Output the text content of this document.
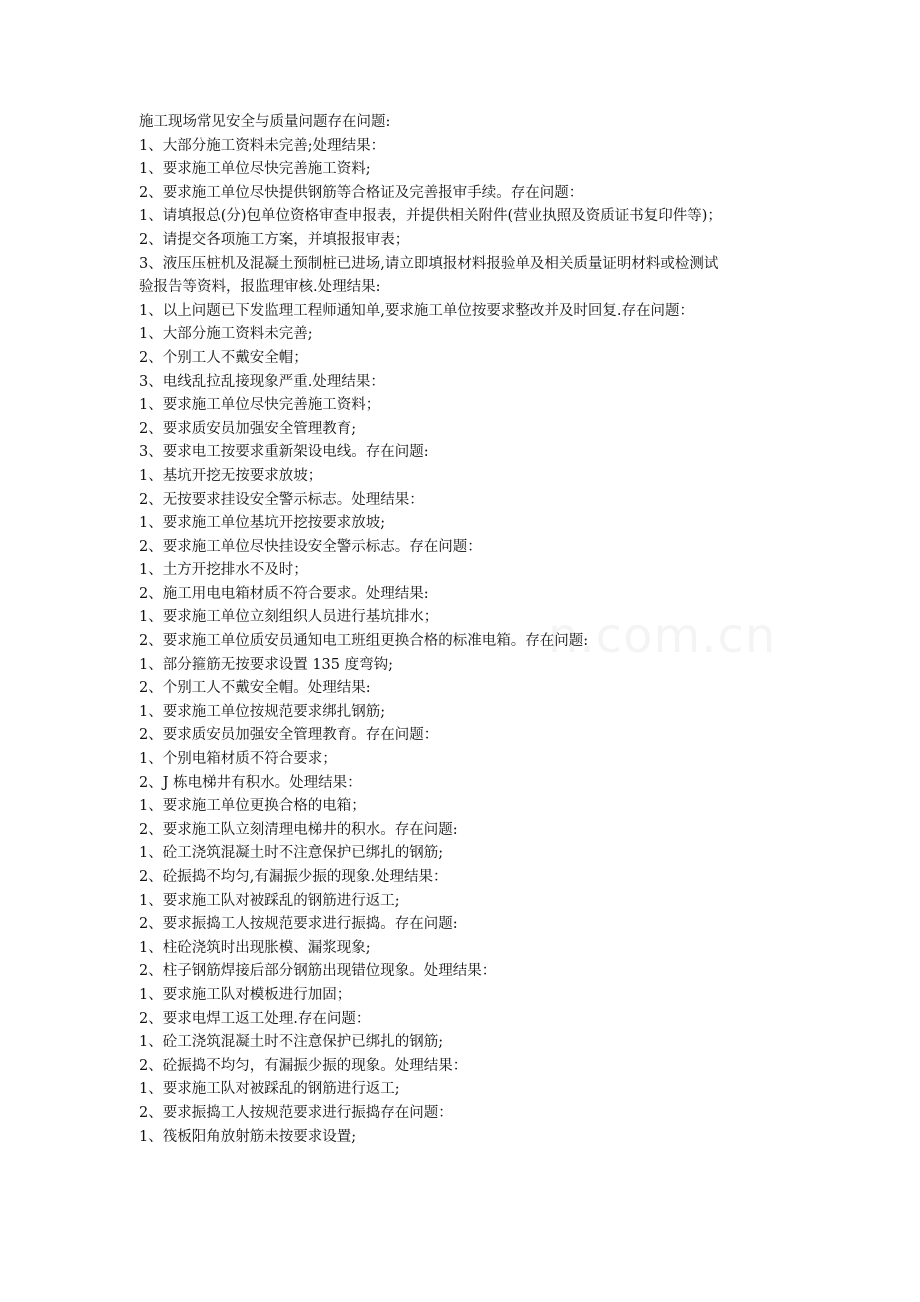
施工现场常见安全与质量问题存在问题:

1、大部分施工资料未完善;处理结果：

1、要求施工单位尽快完善施工资料;

2、要求施工单位尽快提供钢筋等合格证及完善报审手续。存在问题：

1、请填报总(分)包单位资格审查申报表，并提供相关附件(营业执照及资质证书复印件等)；

2、请提交各项施工方案，并填报报审表；

3、液压压桩机及混凝土预制桩已进场,请立即填报材料报验单及相关质量证明材料或检测试

验报告等资料，报监理审核.处理结果:

1、以上问题已下发监理工程师通知单,要求施工单位按要求整改并及时回复.存在问题：

1、大部分施工资料未完善;

2、个别工人不戴安全帽；

3、电线乱拉乱接现象严重.处理结果：

1、要求施工单位尽快完善施工资料；

2、要求质安员加强安全管理教育;

3、要求电工按要求重新架设电线。存在问题:

1、基坑开挖无按要求放坡；

2、无按要求挂设安全警示标志。处理结果：

1、要求施工单位基坑开挖按要求放坡;

2、要求施工单位尽快挂设安全警示标志。存在问题：

1、土方开挖排水不及时；

2、施工用电电箱材质不符合要求。处理结果:

1、要求施工单位立刻组织人员进行基坑排水；

2、要求施工单位质安员通知电工班组更换合格的标准电箱。存在问题:

1、部分箍筋无按要求设置 135 度弯钩;

2、个别工人不戴安全帽。处理结果:

1、要求施工单位按规范要求绑扎钢筋;

2、要求质安员加强安全管理教育。存在问题：

1、个别电箱材质不符合要求；

2、J 栋电梯井有积水。处理结果：

1、要求施工单位更换合格的电箱；

2、要求施工队立刻清理电梯井的积水。存在问题:

1、砼工浇筑混凝土时不注意保护已绑扎的钢筋;

2、砼振捣不均匀,有漏振少振的现象.处理结果：

1、要求施工队对被踩乱的钢筋进行返工;

2、要求振捣工人按规范要求进行振捣。存在问题:

1、柱砼浇筑时出现胀模、漏浆现象;

2、柱子钢筋焊接后部分钢筋出现错位现象。处理结果：

1、要求施工队对模板进行加固；

2、要求电焊工返工处理.存在问题：

1、砼工浇筑混凝土时不注意保护已绑扎的钢筋;

2、砼振捣不均匀，有漏振少振的现象。处理结果：

1、要求施工队对被踩乱的钢筋进行返工;

2、要求振捣工人按规范要求进行振捣存在问题：

1、筏板阳角放射筋未按要求设置;
